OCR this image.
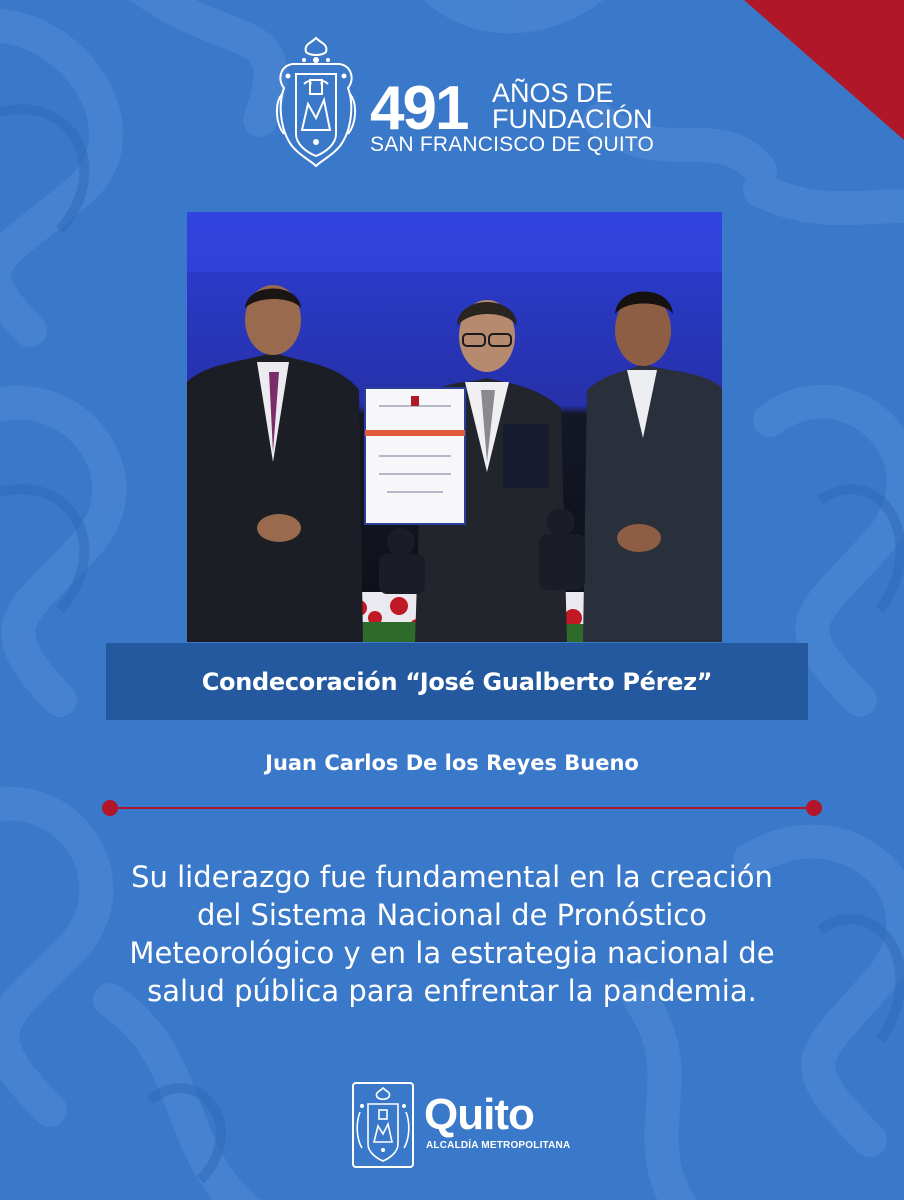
491 AÑOS DE
FUNDACIÓN
SAN FRANCISCO DE QUITO
Condecoración “José Gualberto Pérez”
Juan Carlos De los Reyes Bueno
Su liderazgo fue fundamental en la creación
del Sistema Nacional de Pronóstico
Meteorológico y en la estrategia nacional de
salud pública para enfrentar la pandemia.
Quito
ALCALDÍA METROPOLITANA
